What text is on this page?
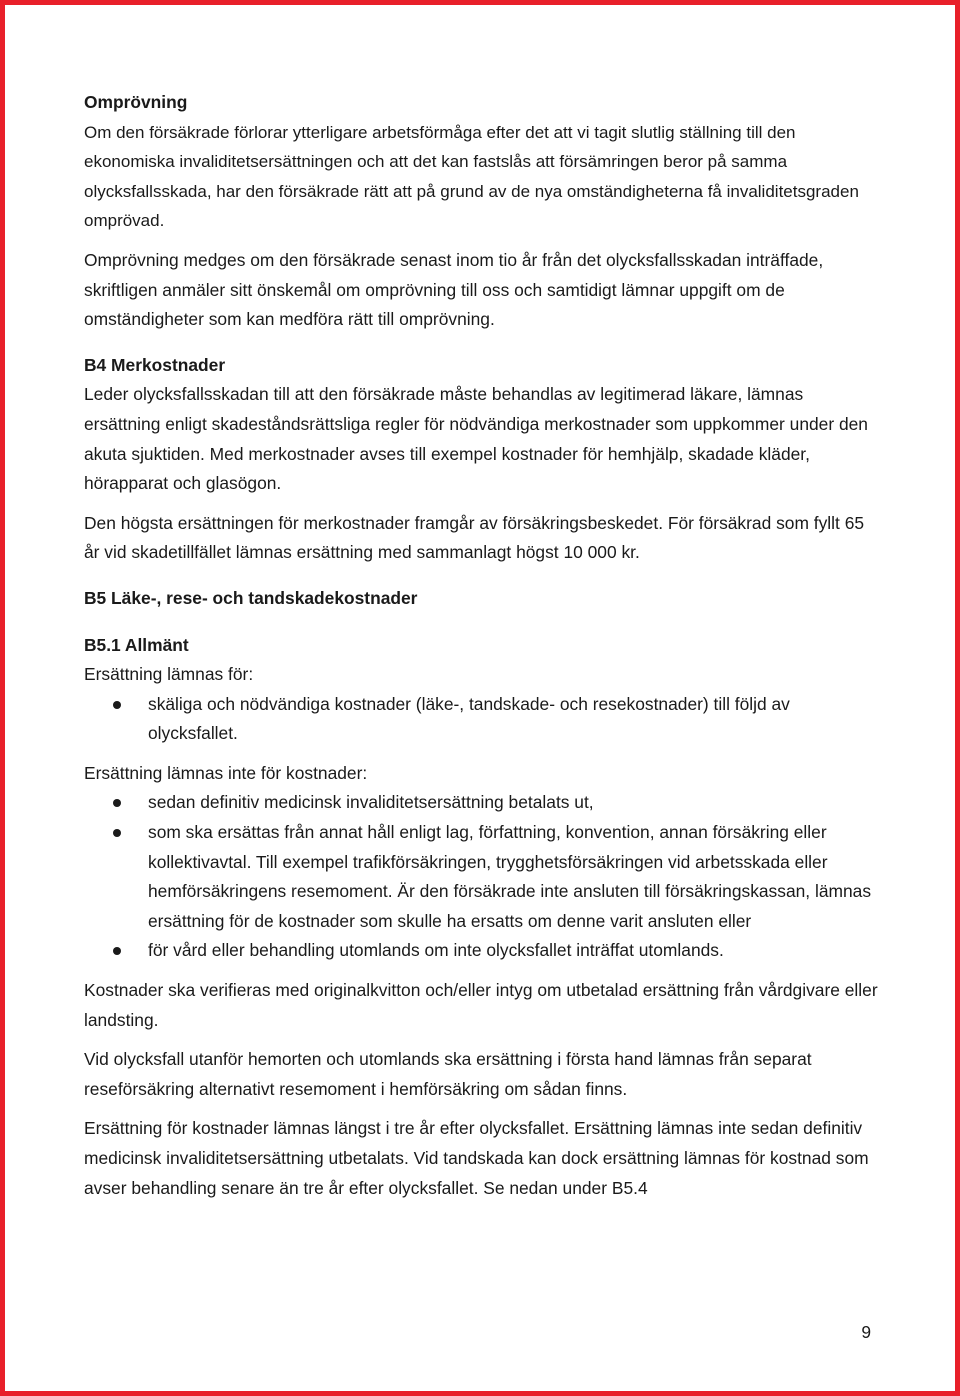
Omprövning

Om den försäkrade förlorar ytterligare arbetsförmåga efter det att vi tagit slutlig ställning till den ekonomiska invaliditetsersättningen och att det kan fastslås att försämringen beror på samma olycksfallsskada, har den försäkrade rätt att på grund av de nya omständigheterna få invaliditetsgraden omprövad.

Omprövning medges om den försäkrade senast inom tio år från det olycksfallsskadan inträffade, skriftligen anmäler sitt önskemål om omprövning till oss och samtidigt lämnar uppgift om de omständigheter som kan medföra rätt till omprövning.

B4 Merkostnader

Leder olycksfallsskadan till att den försäkrade måste behandlas av legitimerad läkare, lämnas ersättning enligt skadeståndsrättsliga regler för nödvändiga merkostnader som uppkommer under den akuta sjuktiden. Med merkostnader avses till exempel kostnader för hemhjälp, skadade kläder, hörapparat och glasögon.

Den högsta ersättningen för merkostnader framgår av försäkringsbeskedet. För försäkrad som fyllt 65 år vid skadetillfället lämnas ersättning med sammanlagt högst 10 000 kr.

B5 Läke-, rese- och tandskadekostnader

B5.1 Allmänt
Ersättning lämnas för:
skäliga och nödvändiga kostnader (läke-, tandskade- och resekostnader) till följd av olycksfallet.
Ersättning lämnas inte för kostnader:
sedan definitiv medicinsk invaliditetsersättning betalats ut,
som ska ersättas från annat håll enligt lag, författning, konvention, annan försäkring eller kollektivavtal. Till exempel trafikförsäkringen, trygghetsförsäkringen vid arbetsskada eller hemförsäkringens resemoment. Är den försäkrade inte ansluten till försäkringskassan, lämnas ersättning för de kostnader som skulle ha ersatts om denne varit ansluten eller
för vård eller behandling utomlands om inte olycksfallet inträffat utomlands.

Kostnader ska verifieras med originalkvitton och/eller intyg om utbetalad ersättning från vårdgivare eller landsting.

Vid olycksfall utanför hemorten och utomlands ska ersättning i första hand lämnas från separat reseförsäkring alternativt resemoment i hemförsäkring om sådan finns.

Ersättning för kostnader lämnas längst i tre år efter olycksfallet. Ersättning lämnas inte sedan definitiv medicinsk invaliditetsersättning utbetalats. Vid tandskada kan dock ersättning lämnas för kostnad som avser behandling senare än tre år efter olycksfallet. Se nedan under B5.4

9
